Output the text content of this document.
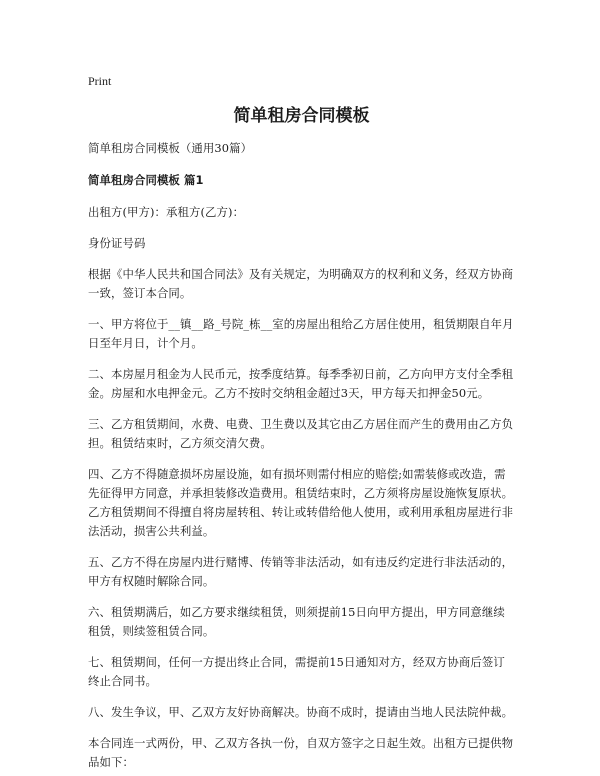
Print
简单租房合同模板

简单租房合同模板（通用30篇）

简单租房合同模板 篇1

出租方(甲方)：承租方(乙方)：

身份证号码

根据《中华人民共和国合同法》及有关规定，为明确双方的权利和义务，经双方协商一致，签订本合同。

一、甲方将位于__镇__路_号院_栋__室的房屋出租给乙方居住使用，租赁期限自年月日至年月日，计个月。

二、本房屋月租金为人民币元，按季度结算。每季季初日前，乙方向甲方支付全季租金。房屋和水电押金元。乙方不按时交纳租金超过3天，甲方每天扣押金50元。

三、乙方租赁期间，水费、电费、卫生费以及其它由乙方居住而产生的费用由乙方负担。租赁结束时，乙方须交清欠费。

四、乙方不得随意损坏房屋设施，如有损坏则需付相应的赔偿;如需装修或改造，需先征得甲方同意，并承担装修改造费用。租赁结束时，乙方须将房屋设施恢复原状。乙方租赁期间不得擅自将房屋转租、转让或转借给他人使用，或利用承租房屋进行非法活动，损害公共利益。

五、乙方不得在房屋内进行赌博、传销等非法活动，如有违反约定进行非法活动的，甲方有权随时解除合同。

六、租赁期满后，如乙方要求继续租赁，则须提前15日向甲方提出，甲方同意继续租赁，则续签租赁合同。

七、租赁期间，任何一方提出终止合同，需提前15日通知对方，经双方协商后签订终止合同书。

八、发生争议，甲、乙双方友好协商解决。协商不成时，提请由当地人民法院仲裁。

本合同连一式两份，甲、乙双方各执一份，自双方签字之日起生效。出租方已提供物品如下：
